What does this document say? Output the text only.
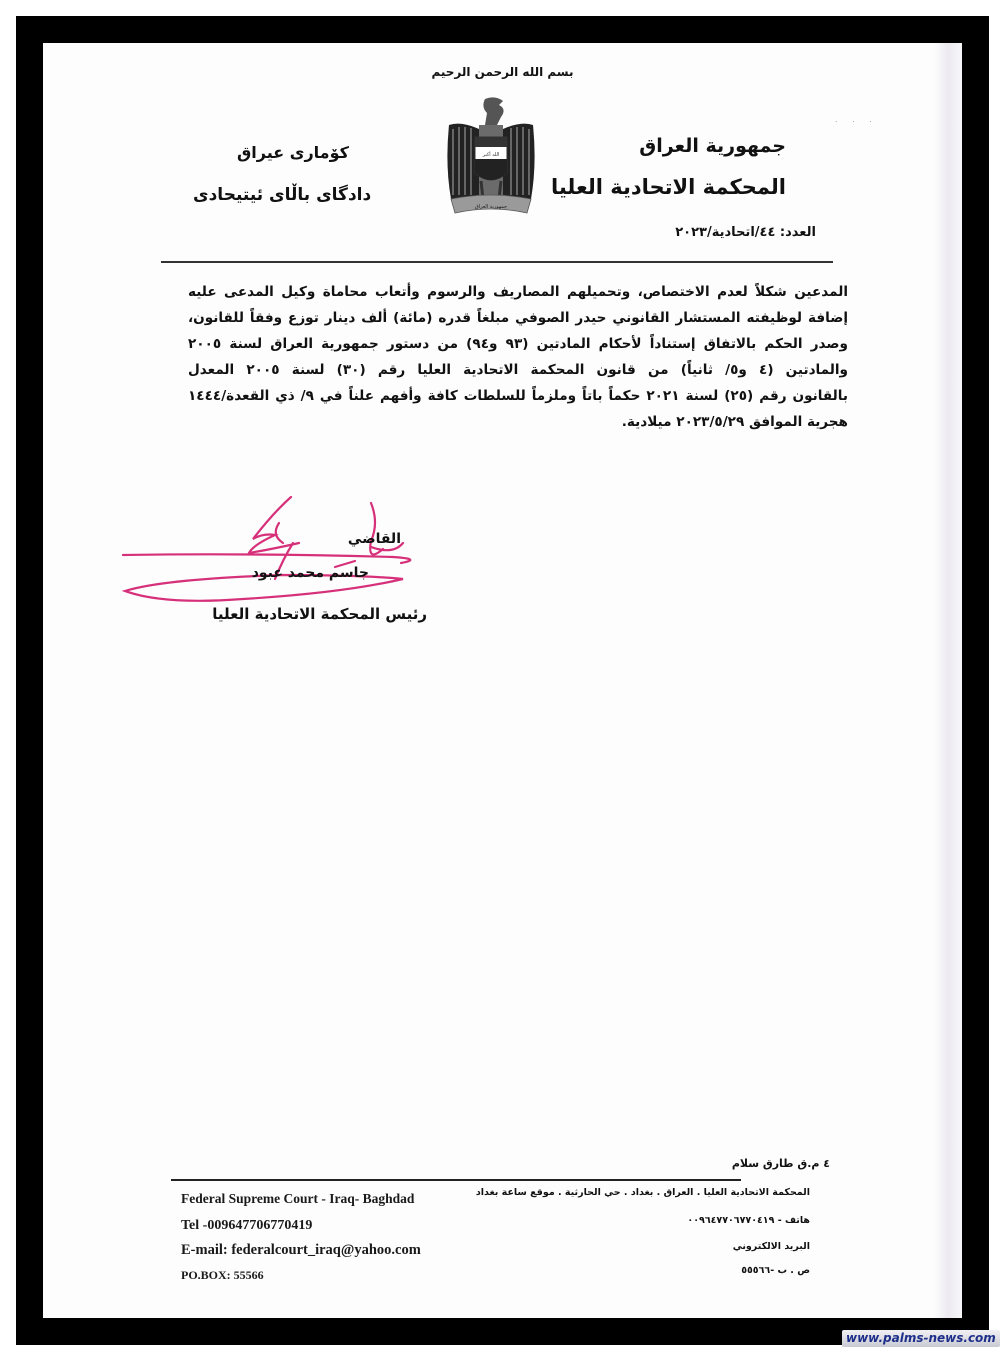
بسم الله الرحمن الرحيم
. . .
جمهورية العراق
المحكمة الاتحادية العليا
العدد: ٤٤/اتحادية/٢٠٢٣
كۆمارى عيراق
دادگاى باڵاى ئيتيحادى
الله أكبر
جمهورية العراق
المدعين شكلاً لعدم الاختصاص، وتحميلهم المصاريف والرسوم وأتعاب محاماة وكيل المدعى عليه
إضافة لوظيفته المستشار القانوني حيدر الصوفي مبلغاً قدره (مائة) ألف دينار توزع وفقاً للقانون،
وصدر الحكم بالاتفاق إستناداً لأحكام المادتين (٩٣ و٩٤) من دستور جمهورية العراق لسنة ٢٠٠٥
والمادتين (٤ و٥/ ثانياً) من قانون المحكمة الاتحادية العليا رقم (٣٠) لسنة ٢٠٠٥ المعدل
بالقانون رقم (٢٥) لسنة ٢٠٢١ حكماً باتاً وملزماً للسلطات كافة وأفهم علناً في ٩/ ذي القعدة/١٤٤٤
هجرية الموافق ٢٠٢٣/٥/٢٩ ميلادية.
القاضي
جاسم محمد عبود
رئيس المحكمة الاتحادية العليا
٤ م.ق طارق سلام
المحكمة الاتحادية العليا . العراق . بغداد . حي الحارثية . موقع ساعة بغداد
هاتف - ٠٠٩٦٤٧٧٠٦٧٧٠٤١٩
البريد الالكتروني
ص . ب -٥٥٥٦٦
Federal Supreme Court - Iraq- Baghdad
Tel -009647706770419
E-mail: federalcourt_iraq@yahoo.com
PO.BOX: 55566
www.palms-news.com
